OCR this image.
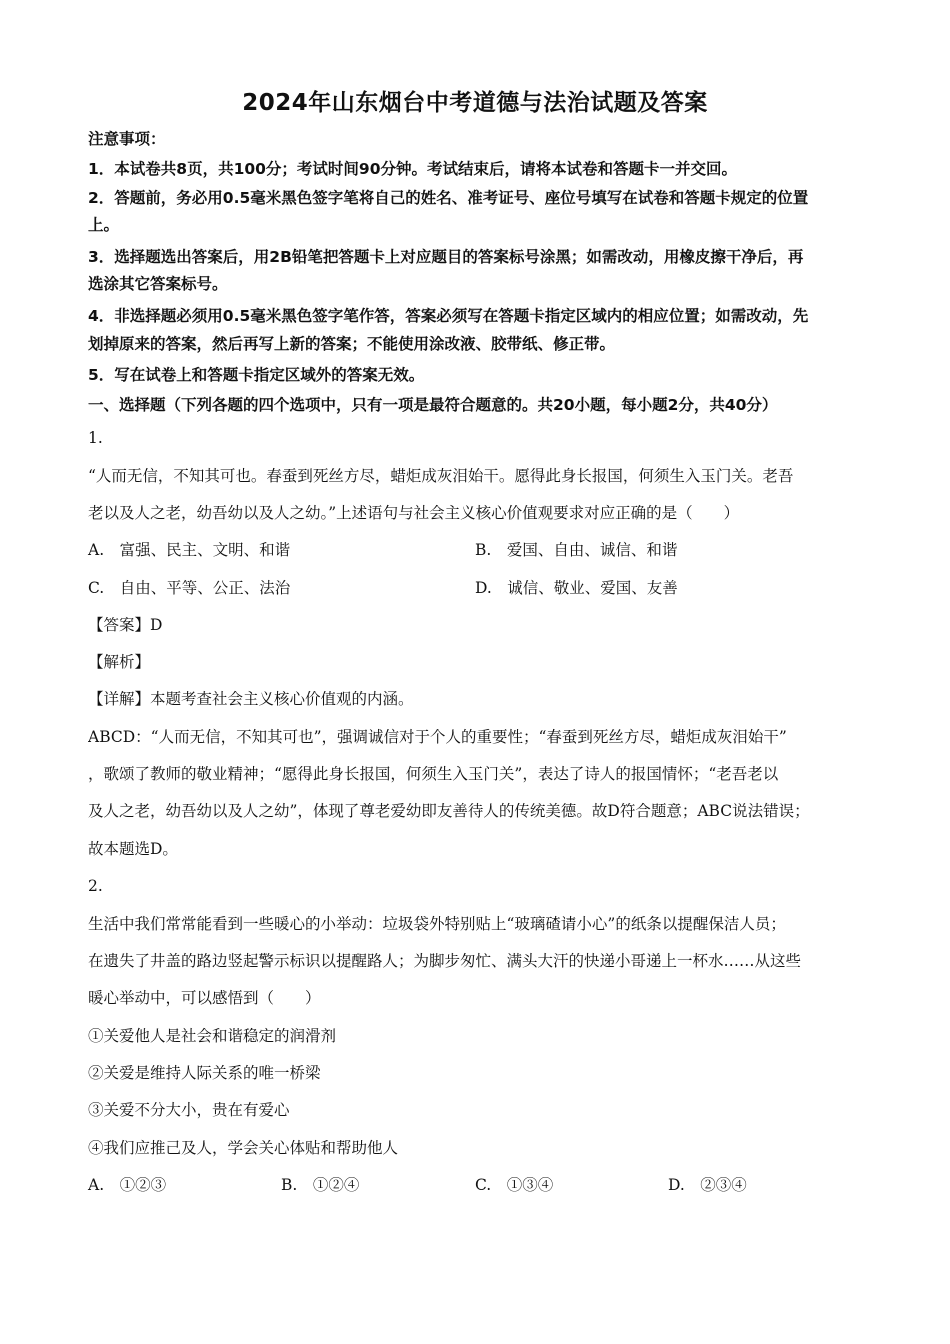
2024年山东烟台中考道德与法治试题及答案
注意事项：
1．本试卷共8页，共100分；考试时间90分钟。考试结束后，请将本试卷和答题卡一并交回。
2．答题前，务必用0.5毫米黑色签字笔将自己的姓名、准考证号、座位号填写在试卷和答题卡规定的位置
上。
3．选择题选出答案后，用2B铅笔把答题卡上对应题目的答案标号涂黑；如需改动，用橡皮擦干净后，再
选涂其它答案标号。
4．非选择题必须用0.5毫米黑色签字笔作答，答案必须写在答题卡指定区域内的相应位置；如需改动，先
划掉原来的答案，然后再写上新的答案；不能使用涂改液、胶带纸、修正带。
5．写在试卷上和答题卡指定区域外的答案无效。
一、选择题（下列各题的四个选项中，只有一项是最符合题意的。共20小题，每小题2分，共40分）
1.
“人而无信，不知其可也。春蚕到死丝方尽，蜡炬成灰泪始干。愿得此身长报国，何须生入玉门关。老吾
老以及人之老，幼吾幼以及人之幼。”上述语句与社会主义核心价值观要求对应正确的是（　　）
A.　富强、民主、文明、和谐	B.　爱国、自由、诚信、和谐
C.　自由、平等、公正、法治	D.　诚信、敬业、爱国、友善
【答案】D
【解析】
【详解】本题考查社会主义核心价值观的内涵。
ABCD：“人而无信，不知其可也”，强调诚信对于个人的重要性；“春蚕到死丝方尽，蜡炬成灰泪始干”
，歌颂了教师的敬业精神；“愿得此身长报国，何须生入玉门关”，表达了诗人的报国情怀；“老吾老以
及人之老，幼吾幼以及人之幼”，体现了尊老爱幼即友善待人的传统美德。故D符合题意；ABC说法错误；
故本题选D。
2.
生活中我们常常能看到一些暖心的小举动：垃圾袋外特别贴上“玻璃碴请小心”的纸条以提醒保洁人员；
在遗失了井盖的路边竖起警示标识以提醒路人；为脚步匆忙、满头大汗的快递小哥递上一杯水……从这些
暖心举动中，可以感悟到（　　）
①关爱他人是社会和谐稳定的润滑剂
②关爱是维持人际关系的唯一桥梁
③关爱不分大小，贵在有爱心
④我们应推己及人，学会关心体贴和帮助他人
A.　①②③	B.　①②④	C.　①③④	D.　②③④
